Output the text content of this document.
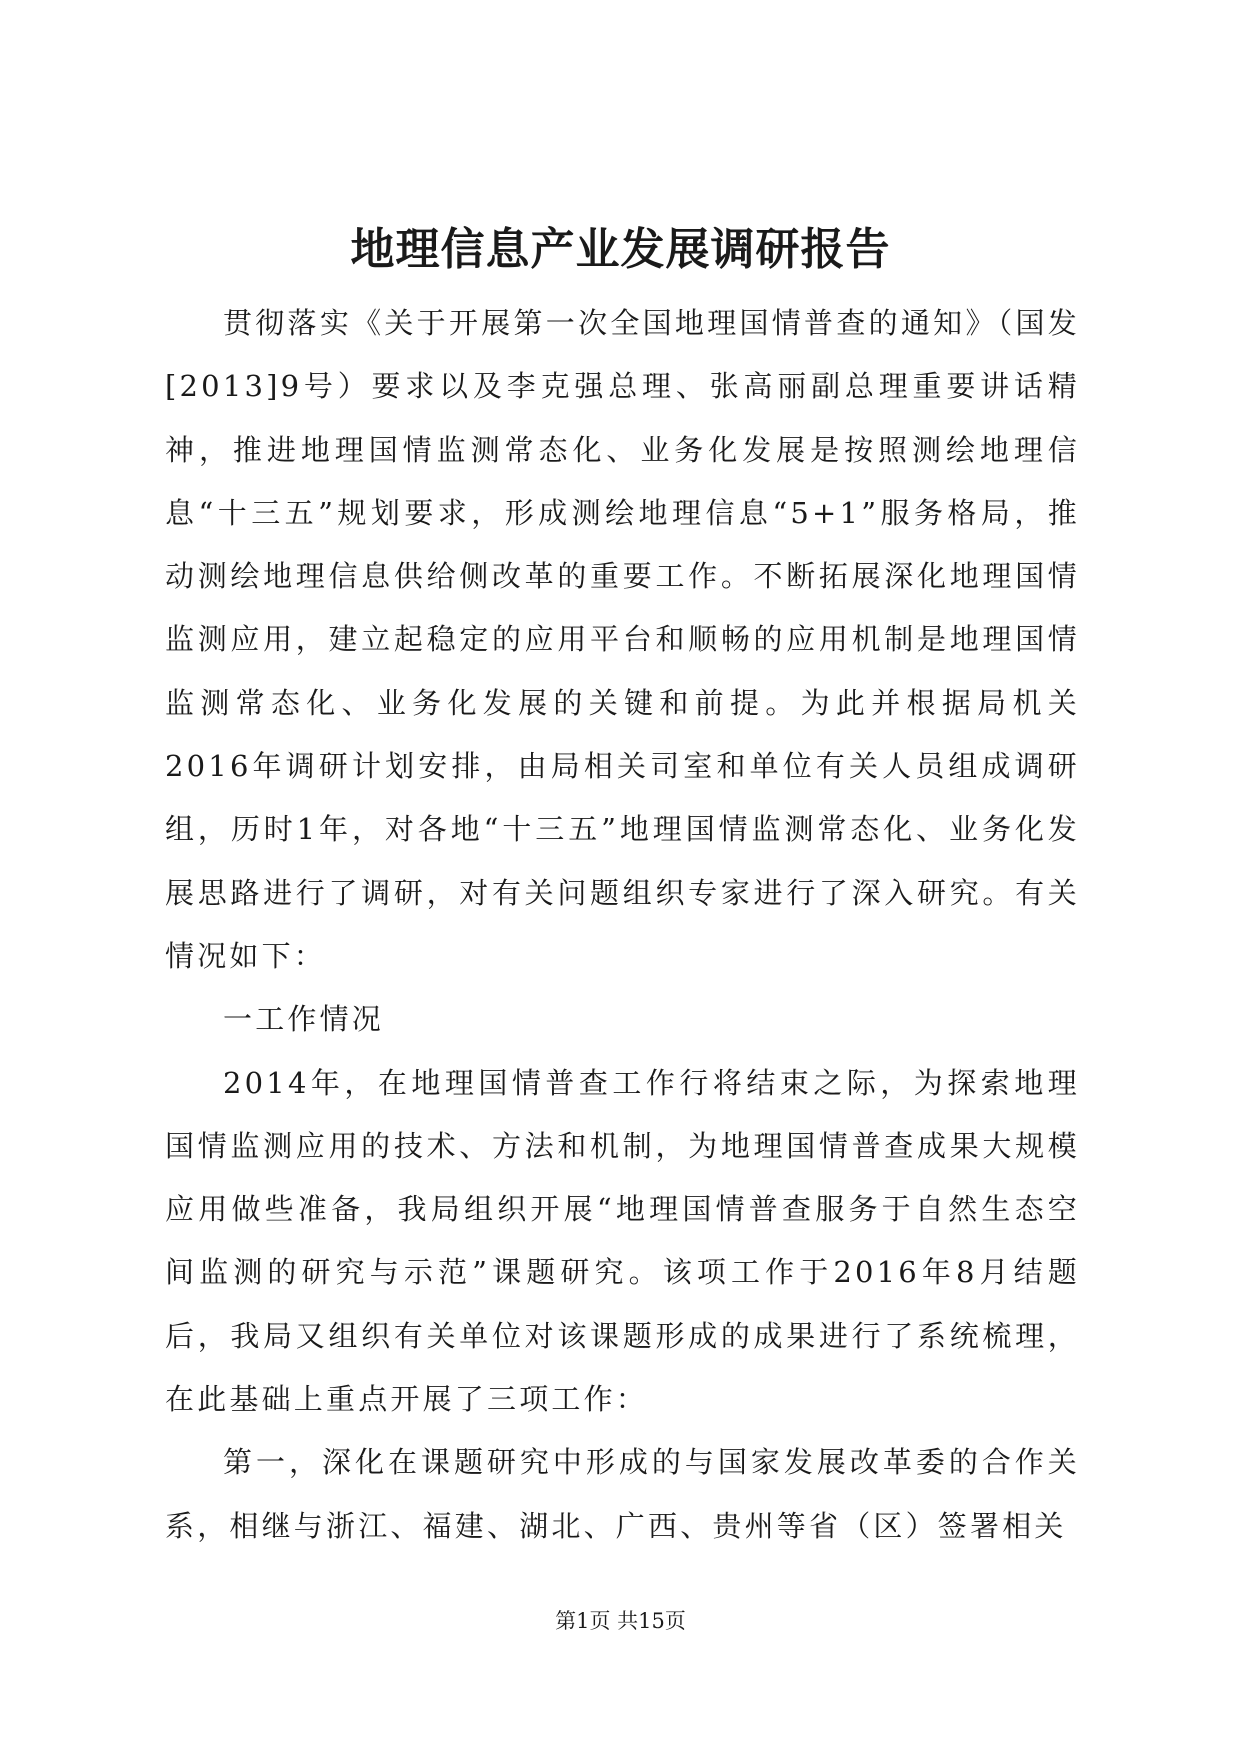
地理信息产业发展调研报告

贯彻落实《关于开展第一次全国地理国情普查的通知》（国发[2013]9号）要求以及李克强总理、张高丽副总理重要讲话精神，推进地理国情监测常态化、业务化发展是按照测绘地理信息“十三五”规划要求，形成测绘地理信息“5+1”服务格局，推动测绘地理信息供给侧改革的重要工作。不断拓展深化地理国情监测应用，建立起稳定的应用平台和顺畅的应用机制是地理国情监测常态化、业务化发展的关键和前提。为此并根据局机关2016年调研计划安排，由局相关司室和单位有关人员组成调研组，历时1年，对各地“十三五”地理国情监测常态化、业务化发展思路进行了调研，对有关问题组织专家进行了深入研究。有关情况如下：

一工作情况

2014年，在地理国情普查工作行将结束之际，为探索地理国情监测应用的技术、方法和机制，为地理国情普查成果大规模应用做些准备，我局组织开展“地理国情普查服务于自然生态空间监测的研究与示范”课题研究。该项工作于2016年8月结题后，我局又组织有关单位对该课题形成的成果进行了系统梳理，在此基础上重点开展了三项工作：

第一，深化在课题研究中形成的与国家发展改革委的合作关系，相继与浙江、福建、湖北、广西、贵州等省（区）签署相关

第1页 共15页
